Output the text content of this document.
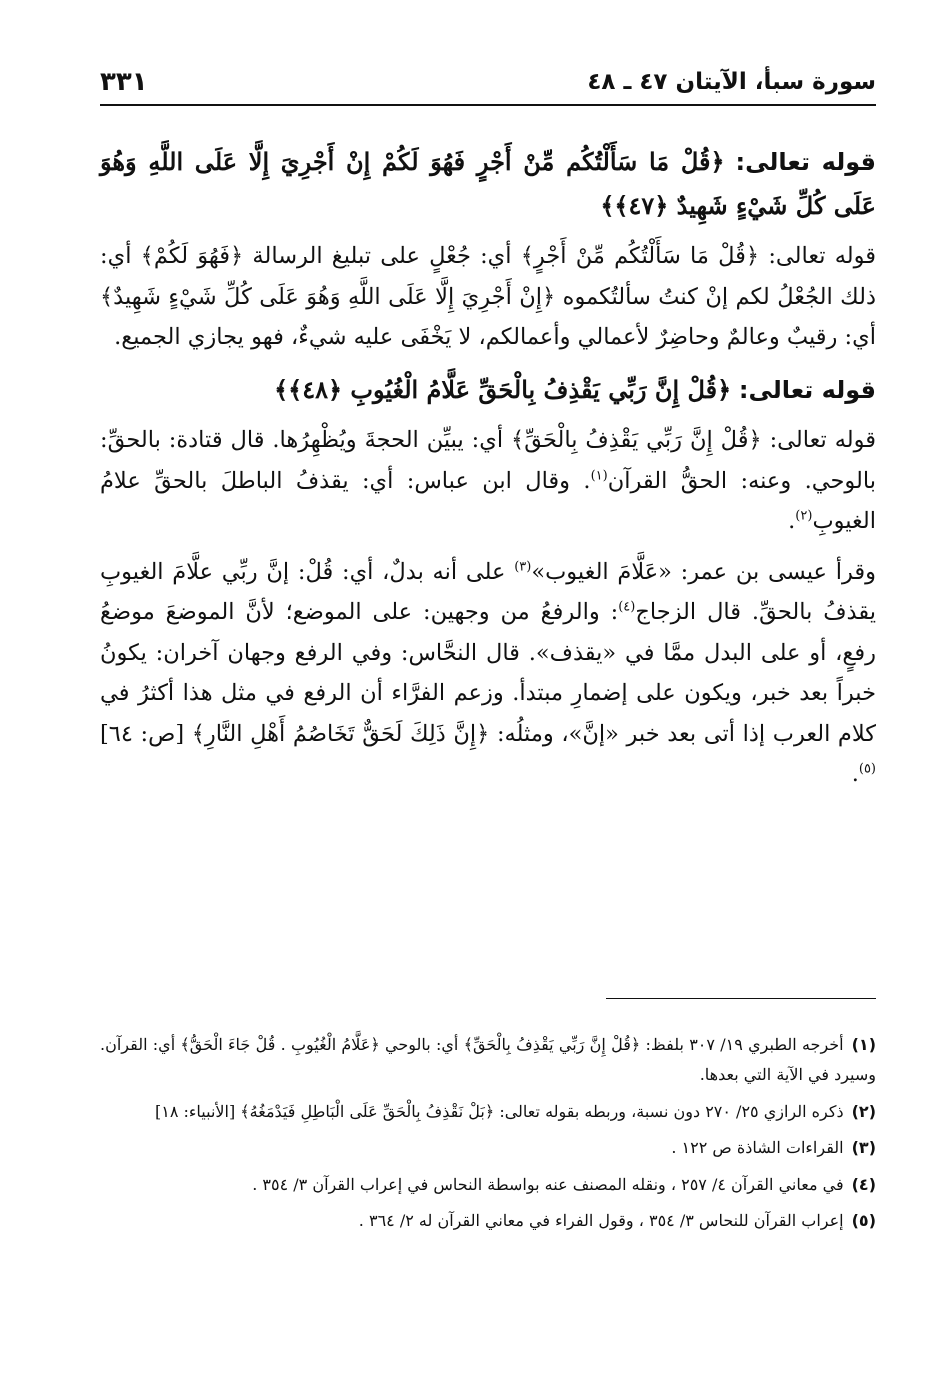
سورة سبأ، الآيتان ٤٧ ـ ٤٨
٣٣١

قوله تعالى: ﴿قُلْ مَا سَأَلْتُكُم مِّنْ أَجْرٍ فَهُوَ لَكُمْ إِنْ أَجْرِيَ إِلَّا عَلَى اللَّهِ وَهُوَ عَلَى كُلِّ شَيْءٍ شَهِيدٌ ﴿٤٧﴾﴾

قوله تعالى: ﴿قُلْ مَا سَأَلْتُكُم مِّنْ أَجْرٍ﴾ أي: جُعْلٍ على تبليغ الرسالة ﴿فَهُوَ لَكُمْ﴾ أي: ذلك الجُعْلُ لكم إنْ كنتُ سألتُكموه ﴿إِنْ أَجْرِيَ إِلَّا عَلَى اللَّهِ وَهُوَ عَلَى كُلِّ شَيْءٍ شَهِيدٌ﴾ أي: رقيبٌ وعالمٌ وحاضِرٌ لأعمالي وأعمالكم، لا يَخْفَى عليه شيءٌ، فهو يجازي الجميع.

قوله تعالى: ﴿قُلْ إِنَّ رَبِّي يَقْذِفُ بِالْحَقِّ عَلَّامُ الْغُيُوبِ ﴿٤٨﴾﴾

قوله تعالى: ﴿قُلْ إِنَّ رَبِّي يَقْذِفُ بِالْحَقِّ﴾ أي: يبيِّن الحجةَ ويُظْهِرُها. قال قتادة: بالحقِّ: بالوحي. وعنه: الحقُّ القرآن$^{(١)}$. وقال ابن عباس: أي: يقذفُ الباطلَ بالحقِّ علامُ الغيوبِ$^{(٢)}$.

وقرأ عيسى بن عمر: «عَلَّامَ الغيوب»$^{(٣)}$ على أنه بدلٌ، أي: قُلْ: إنَّ ربِّي علَّامَ الغيوبِ يقذفُ بالحقِّ. قال الزجاج$^{(٤)}$: والرفعُ من وجهين: على الموضع؛ لأنَّ الموضعَ موضعُ رفعٍ، أو على البدل ممَّا في «يقذف». قال النحَّاس: وفي الرفع وجهان آخران: يكونُ خبراً بعد خبر، ويكون على إضمارِ مبتدأ. وزعم الفرَّاء أن الرفع في مثل هذا أكثرُ في كلام العرب إذا أتى بعد خبر «إنَّ»، ومثلُه: ﴿إِنَّ ذَلِكَ لَحَقٌّ تَخَاصُمُ أَهْلِ النَّارِ﴾ [ص: ٦٤]$^{(٥)}$.

(١)أخرجه الطبري ١٩/ ٣٠٧ بلفظ: ﴿قُلْ إِنَّ رَبِّي يَقْذِفُ بِالْحَقِّ﴾ أي: بالوحي ﴿عَلَّامُ الْغُيُوبِ . قُلْ جَاءَ الْحَقُّ﴾ أي: القرآن. وسيرد في الآية التي بعدها.

(٢)ذكره الرازي ٢٥/ ٢٧٠ دون نسبة، وربطه بقوله تعالى: ﴿بَلْ نَقْذِفُ بِالْحَقِّ عَلَى الْبَاطِلِ فَيَدْمَغُهُ﴾ [الأنبياء: ١٨]

(٣)القراءات الشاذة ص ١٢٢ .

(٤)في معاني القرآن ٤/ ٢٥٧ ، ونقله المصنف عنه بواسطة النحاس في إعراب القرآن ٣/ ٣٥٤ .

(٥)إعراب القرآن للنحاس ٣/ ٣٥٤ ، وقول الفراء في معاني القرآن له ٢/ ٣٦٤ .
